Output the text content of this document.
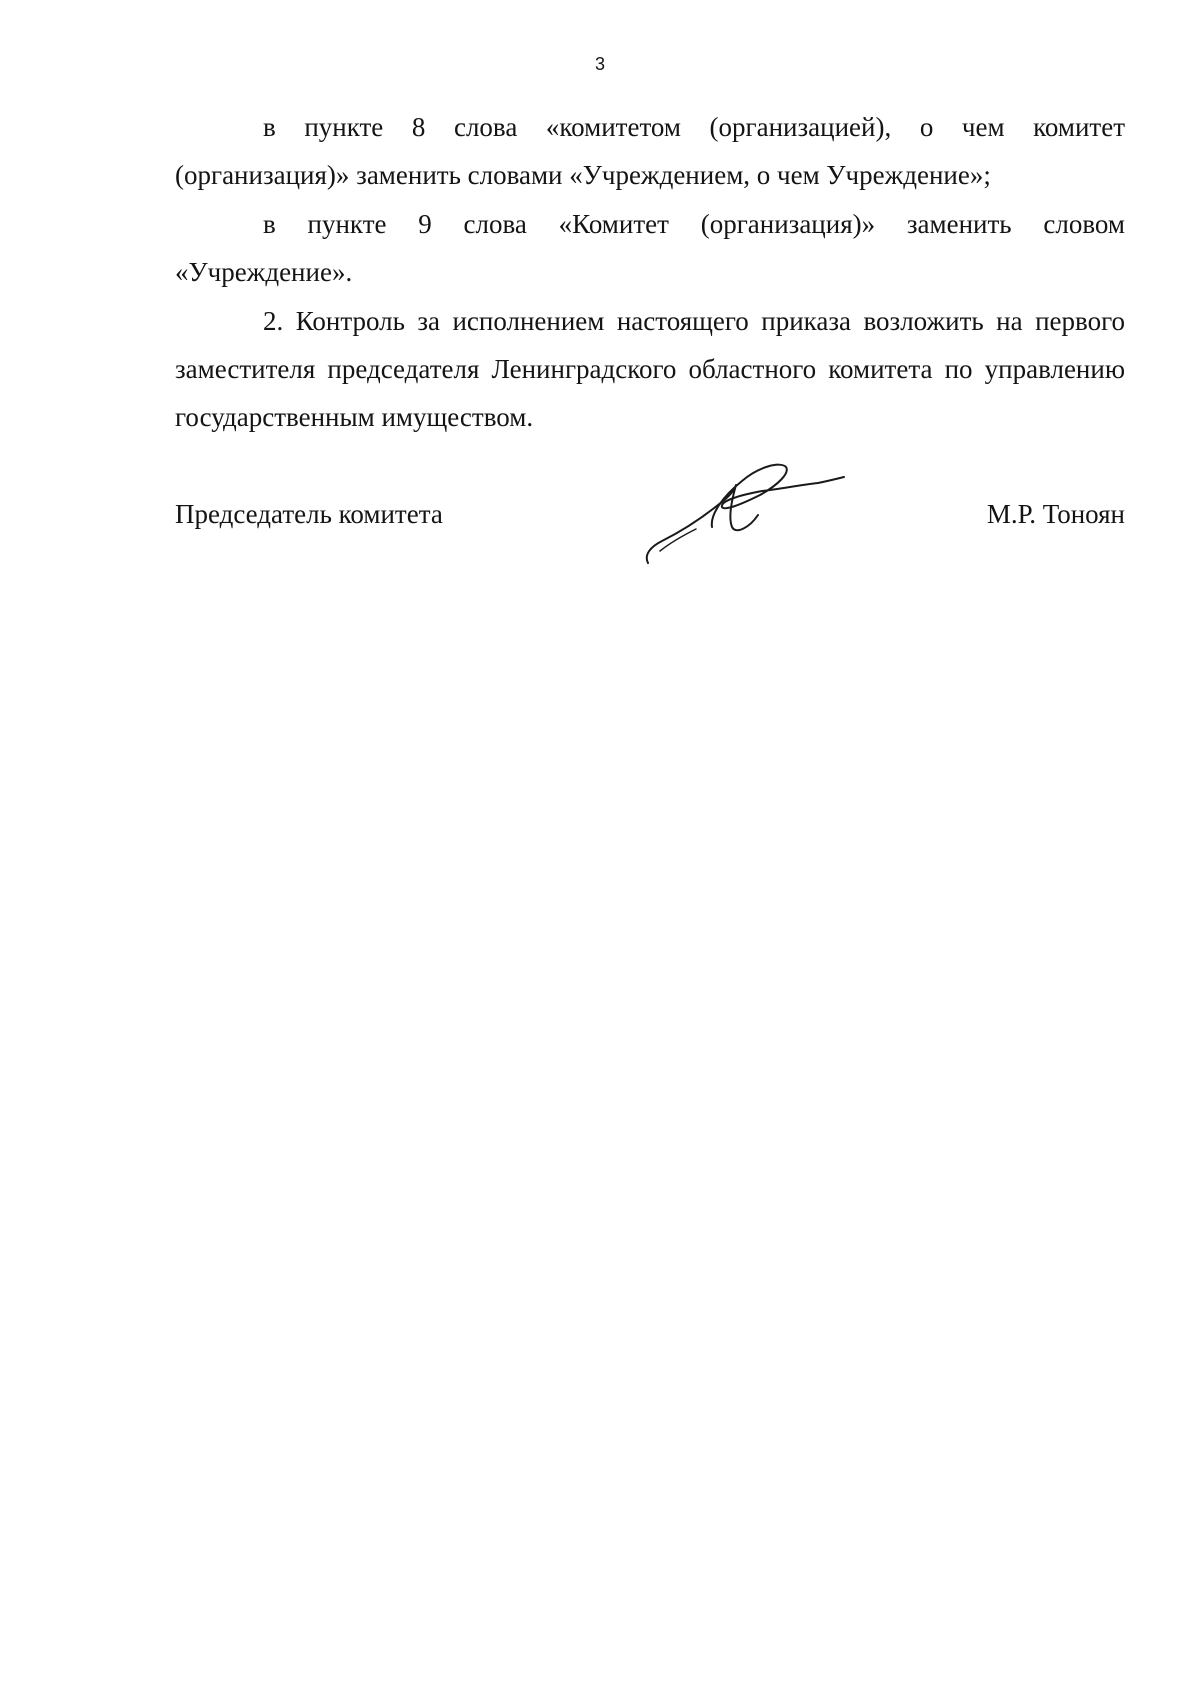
3

в пункте 8 слова «комитетом (организацией), о чем комитет (организация)» заменить словами «Учреждением, о чем Учреждение»;

в пункте 9 слова «Комитет (организация)» заменить словом «Учреждение».

2. Контроль за исполнением настоящего приказа возложить на первого заместителя председателя Ленинградского областного комитета по управлению государственным имуществом.

Председатель комитета	М.Р. Тоноян
